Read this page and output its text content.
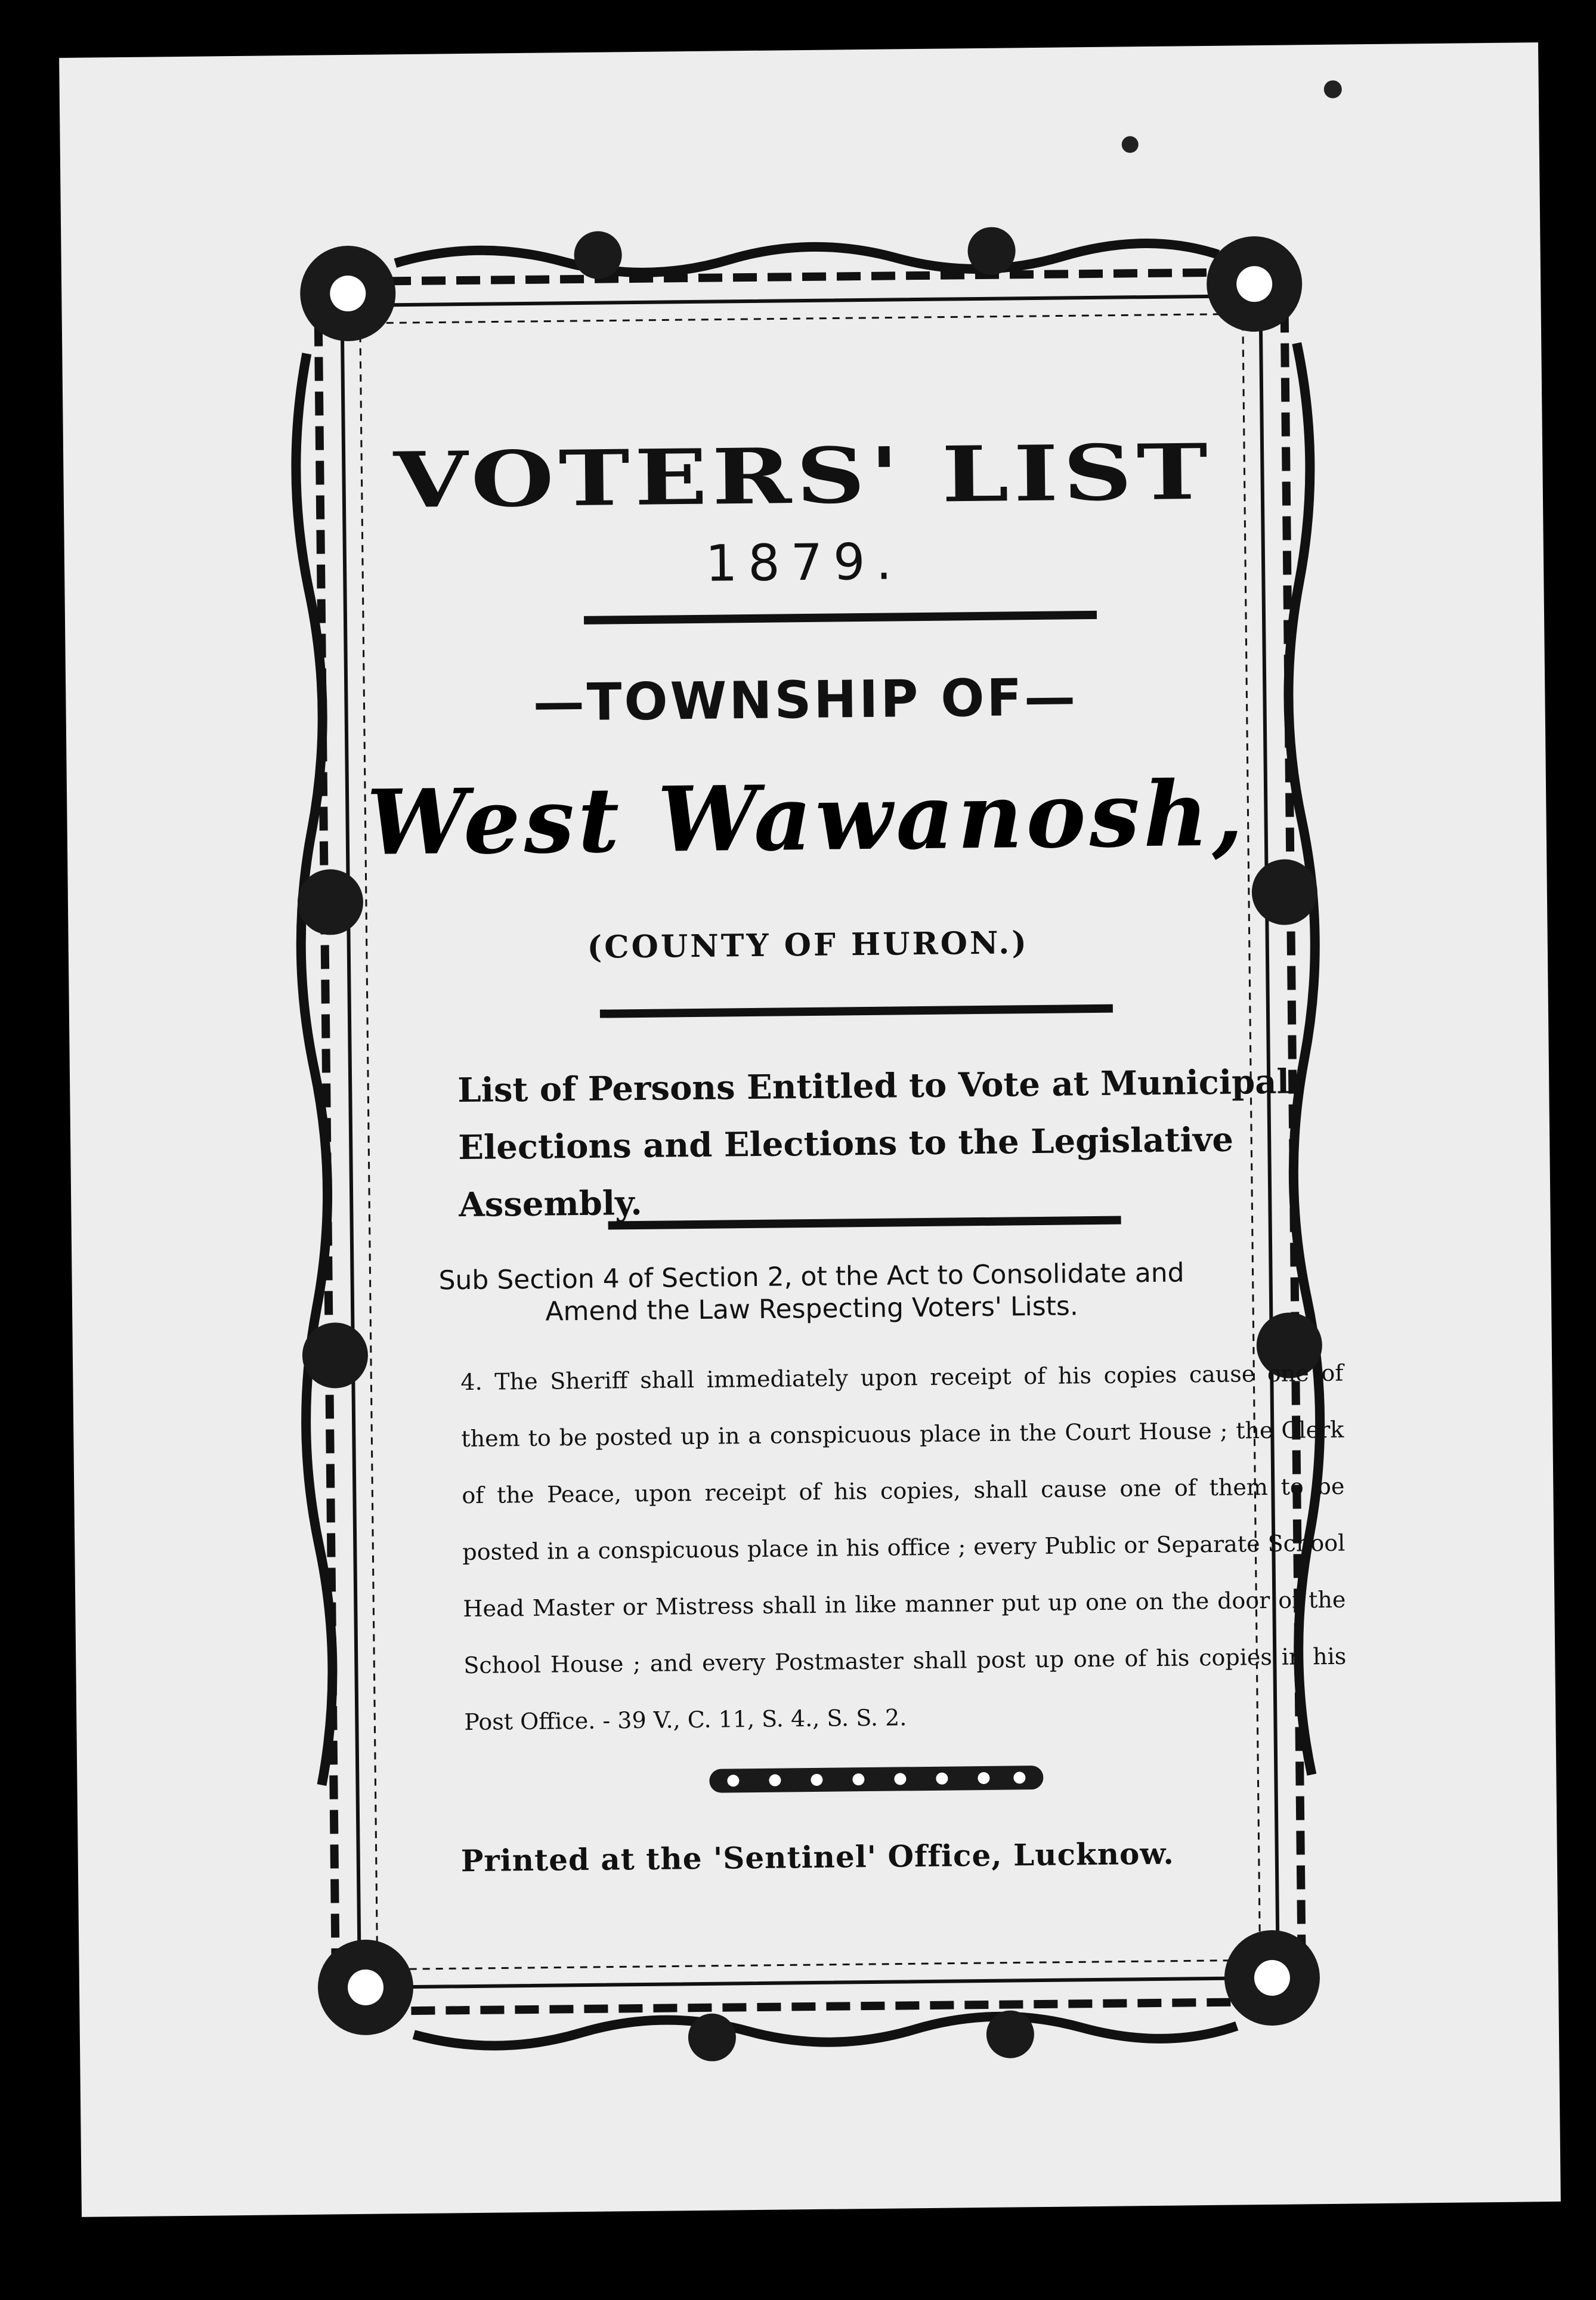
VOTERS' LIST
1879.
—TOWNSHIP OF—
West Wawanosh,
(COUNTY OF HURON.)
List of Persons Entitled to Vote at Municipal Elections and Elections to the Legislative Assembly.
Sub Section 4 of Section 2, ot the Act to Consolidate and
Amend the Law Respecting Voters' Lists.
4. The Sheriff shall immediately upon receipt of his copies cause one of them to be posted up in a conspicuous place in the Court House ; the Clerk of the Peace, upon receipt of his copies, shall cause one of them to be posted in a conspicuous place in his office ; every Public or Separate School Head Master or Mistress shall in like manner put up one on the door of the School House ; and every Postmaster shall post up one of his copies in his Post Office. - 39 V., C. 11, S. 4., S. S. 2.
Printed at the 'Sentinel' Office, Lucknow.
